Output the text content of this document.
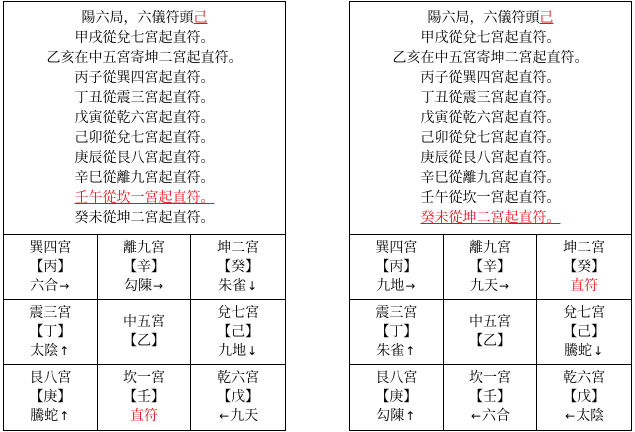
陽六局，六儀符頭己
甲戌從兌七宮起直符。
乙亥在中五宮寄坤二宮起直符。
丙子從巽四宮起直符。
丁丑從震三宮起直符。
戊寅從乾六宮起直符。
己卯從兌七宮起直符。
庚辰從艮八宮起直符。
辛巳從離九宮起直符。
壬午從坎一宮起直符。
癸未從坤二宮起直符。
巽四宮
【丙】
六合→
離九宮
【辛】
勾陳→
坤二宮
【癸】
朱雀↓
震三宮
【丁】
太陰↑
中五宮
【乙】
兌七宮
【己】
九地↓
艮八宮
【庚】
騰蛇↑
坎一宮
【壬】
直符
乾六宮
【戊】
←九天
陽六局，六儀符頭己
甲戌從兌七宮起直符。
乙亥在中五宮寄坤二宮起直符。
丙子從巽四宮起直符。
丁丑從震三宮起直符。
戊寅從乾六宮起直符。
己卯從兌七宮起直符。
庚辰從艮八宮起直符。
辛巳從離九宮起直符。
壬午從坎一宮起直符。
癸未從坤二宮起直符。
巽四宮
【丙】
九地→
離九宮
【辛】
九天→
坤二宮
【癸】
直符
震三宮
【丁】
朱雀↑
中五宮
【乙】
兌七宮
【己】
騰蛇↓
艮八宮
【庚】
勾陳↑
坎一宮
【壬】
←六合
乾六宮
【戊】
←太陰
